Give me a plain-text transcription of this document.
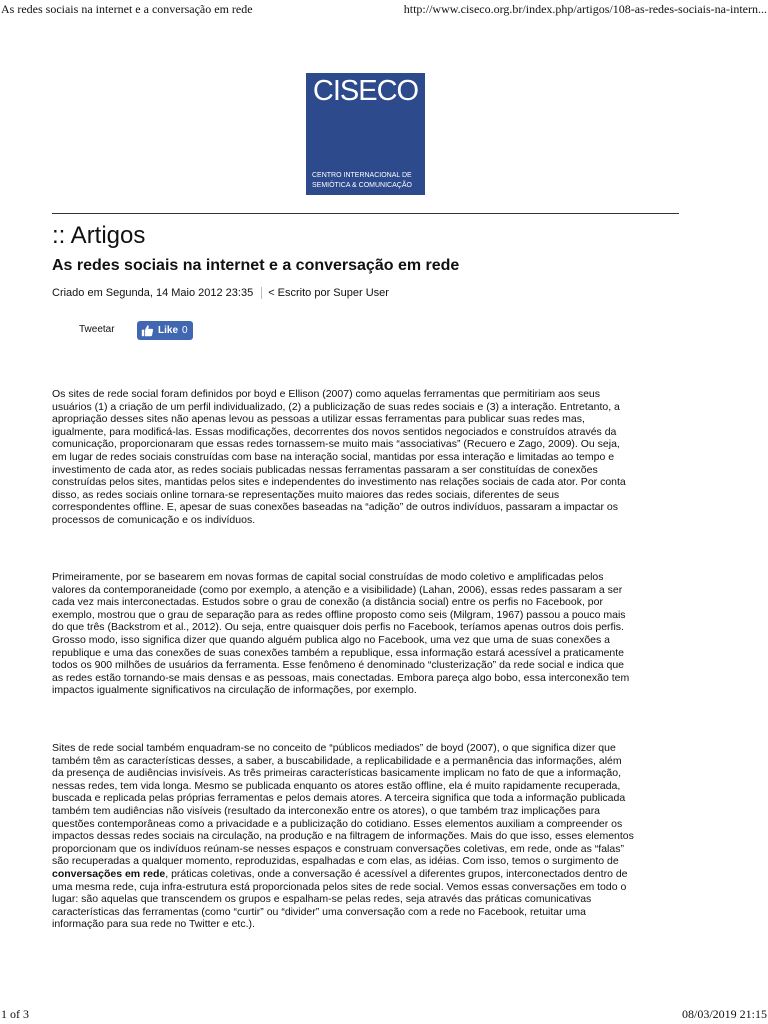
As redes sociais na internet e a conversação em rede	http://www.ciseco.org.br/index.php/artigos/108-as-redes-sociais-na-intern...
CISECO
CENTRO INTERNACIONAL DE
SEMIÓTICA & COMUNICAÇÃO
:: Artigos
As redes sociais na internet e a conversação em rede
Criado em Segunda, 14 Maio 2012 23:35 < Escrito por Super User
Tweetar	Like 0
Os sites de rede social foram definidos por boyd e Ellison (2007) como aquelas ferramentas que permitiriam aos seus
usuários (1) a criação de um perfil individualizado, (2) a publicização de suas redes sociais e (3) a interação. Entretanto, a
apropriação desses sites não apenas levou as pessoas a utilizar essas ferramentas para publicar suas redes mas,
igualmente, para modificá-las. Essas modificações, decorrentes dos novos sentidos negociados e construídos através da
comunicação, proporcionaram que essas redes tornassem-se muito mais “associativas” (Recuero e Zago, 2009). Ou seja,
em lugar de redes sociais construídas com base na interação social, mantidas por essa interação e limitadas ao tempo e
investimento de cada ator, as redes sociais publicadas nessas ferramentas passaram a ser constituídas de conexões
construídas pelos sites, mantidas pelos sites e independentes do investimento nas relações sociais de cada ator. Por conta
disso, as redes sociais online tornara-se representações muito maiores das redes sociais, diferentes de seus
correspondentes offline. E, apesar de suas conexões baseadas na “adição” de outros indivíduos, passaram a impactar os
processos de comunicação e os indivíduos.
Primeiramente, por se basearem em novas formas de capital social construídas de modo coletivo e amplificadas pelos
valores da contemporaneidade (como por exemplo, a atenção e a visibilidade) (Lahan, 2006), essas redes passaram a ser
cada vez mais interconectadas. Estudos sobre o grau de conexão (a distância social) entre os perfis no Facebook, por
exemplo, mostrou que o grau de separação para as redes offline proposto como seis (Milgram, 1967) passou a pouco mais
do que três (Backstrom et al., 2012). Ou seja, entre quaisquer dois perfis no Facebook, teríamos apenas outros dois perfis.
Grosso modo, isso significa dizer que quando alguém publica algo no Facebook, uma vez que uma de suas conexões a
republique e uma das conexões de suas conexões também a republique, essa informação estará acessível a praticamente
todos os 900 milhões de usuários da ferramenta. Esse fenômeno é denominado “clusterização” da rede social e indica que
as redes estão tornando-se mais densas e as pessoas, mais conectadas. Embora pareça algo bobo, essa interconexão tem
impactos igualmente significativos na circulação de informações, por exemplo.
Sites de rede social também enquadram-se no conceito de “públicos mediados” de boyd (2007), o que significa dizer que
também têm as características desses, a saber, a buscabilidade, a replicabilidade e a permanência das informações, além
da presença de audiências invisíveis. As três primeiras características basicamente implicam no fato de que a informação,
nessas redes, tem vida longa. Mesmo se publicada enquanto os atores estão offline, ela é muito rapidamente recuperada,
buscada e replicada pelas próprias ferramentas e pelos demais atores. A terceira significa que toda a informação publicada
também tem audiências não visíveis (resultado da interconexão entre os atores), o que também traz implicações para
questões contemporâneas como a privacidade e a publicização do cotidiano. Esses elementos auxiliam a compreender os
impactos dessas redes sociais na circulação, na produção e na filtragem de informações. Mais do que isso, esses elementos
proporcionam que os indivíduos reúnam-se nesses espaços e construam conversações coletivas, em rede, onde as “falas”
são recuperadas a qualquer momento, reproduzidas, espalhadas e com elas, as idéias. Com isso, temos o surgimento de
conversações em rede, práticas coletivas, onde a conversação é acessível a diferentes grupos, interconectados dentro de
uma mesma rede, cuja infra-estrutura está proporcionada pelos sites de rede social. Vemos essas conversações em todo o
lugar: são aquelas que transcendem os grupos e espalham-se pelas redes, seja através das práticas comunicativas
características das ferramentas (como “curtir” ou “divider” uma conversação com a rede no Facebook, retuitar uma
informação para sua rede no Twitter e etc.).
1 of 3	08/03/2019 21:15
